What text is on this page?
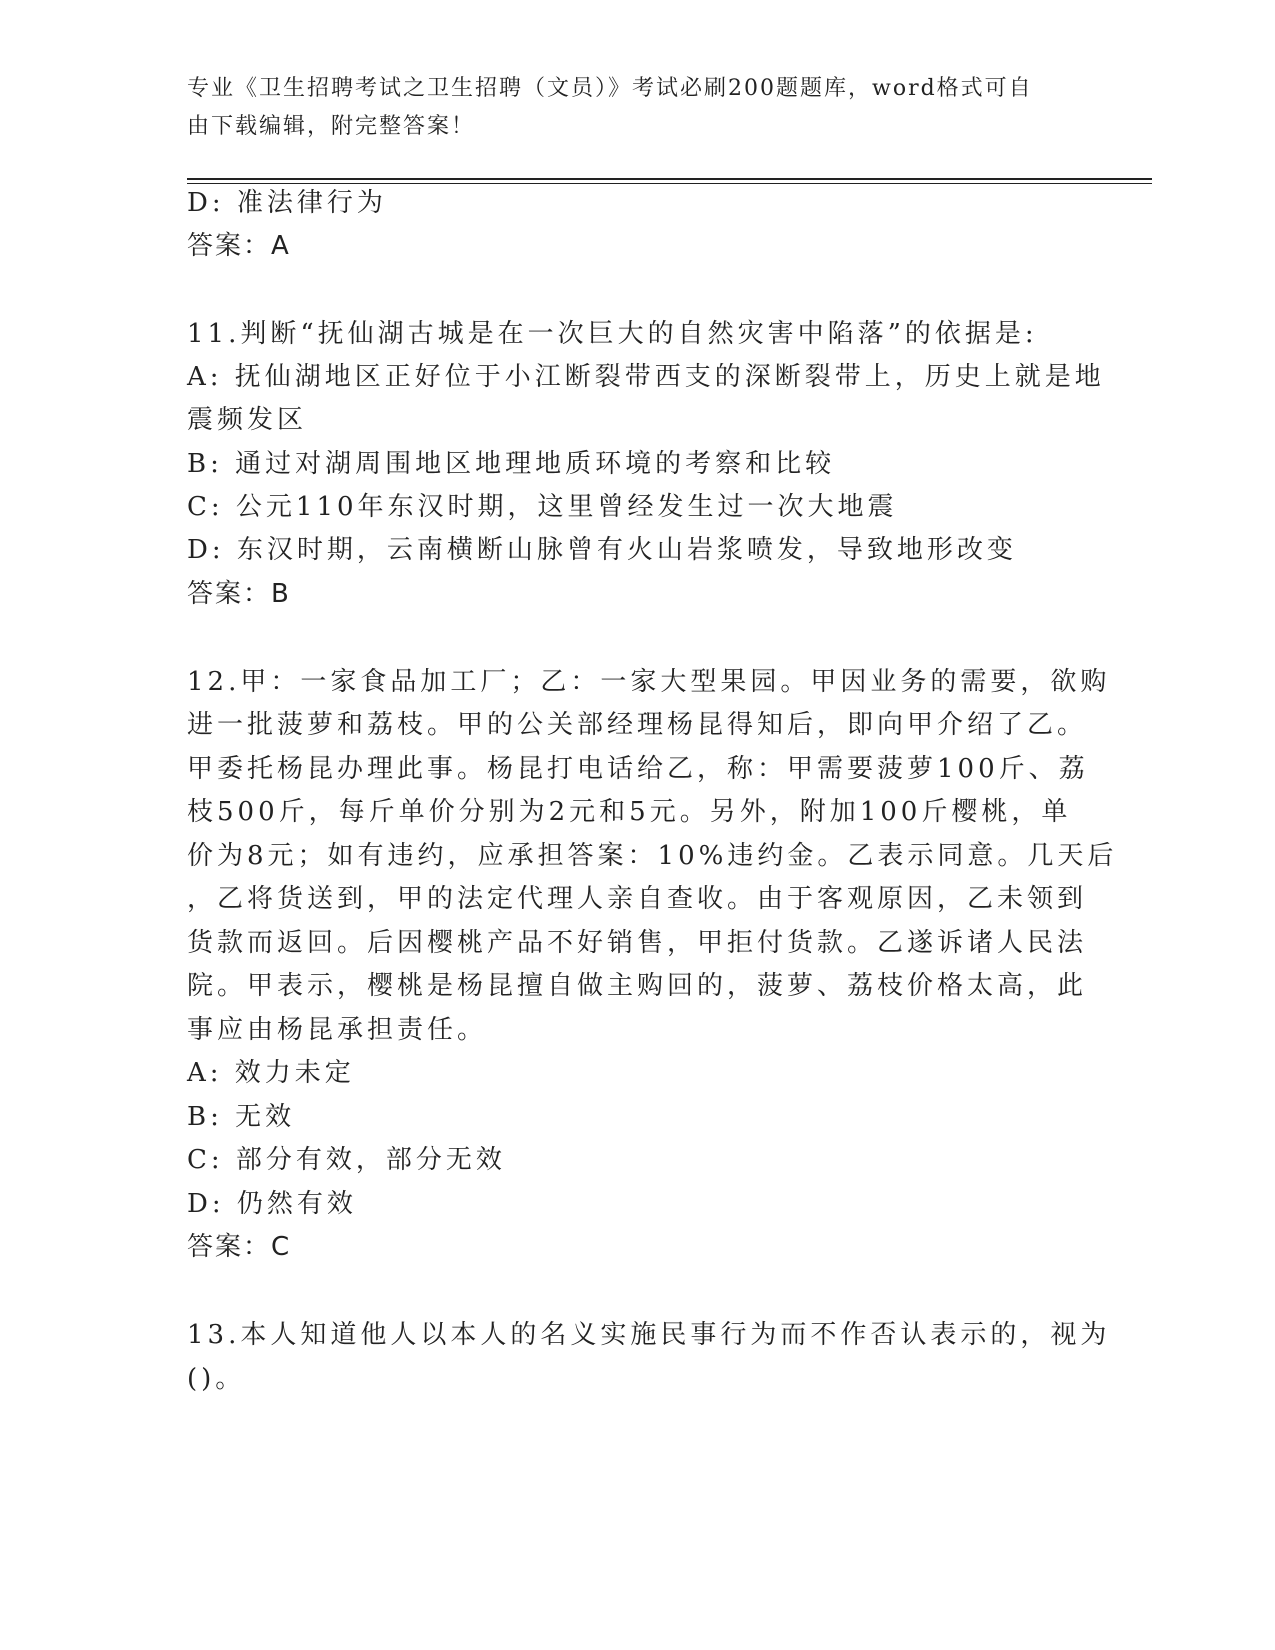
专业《卫生招聘考试之卫生招聘（文员）》考试必刷200题题库，word格式可自
由下载编辑，附完整答案！
D: 准法律行为
答案：A
11.判断“抚仙湖古城是在一次巨大的自然灾害中陷落”的依据是:
A: 抚仙湖地区正好位于小江断裂带西支的深断裂带上，历史上就是地
震频发区
B: 通过对湖周围地区地理地质环境的考察和比较
C: 公元110年东汉时期，这里曾经发生过一次大地震
D: 东汉时期，云南横断山脉曾有火山岩浆喷发，导致地形改变
答案：B
12.甲：一家食品加工厂；乙：一家大型果园。甲因业务的需要，欲购
进一批菠萝和荔枝。甲的公关部经理杨昆得知后，即向甲介绍了乙。
甲委托杨昆办理此事。杨昆打电话给乙，称：甲需要菠萝100斤、荔
枝500斤，每斤单价分别为2元和5元。另外，附加100斤樱桃，单
价为8元；如有违约，应承担答案：10%违约金。乙表示同意。几天后
，乙将货送到，甲的法定代理人亲自查收。由于客观原因，乙未领到
货款而返回。后因樱桃产品不好销售，甲拒付货款。乙遂诉诸人民法
院。甲表示，樱桃是杨昆擅自做主购回的，菠萝、荔枝价格太高，此
事应由杨昆承担责任。
A: 效力未定
B: 无效
C: 部分有效，部分无效
D: 仍然有效
答案：C
13.本人知道他人以本人的名义实施民事行为而不作否认表示的，视为
()。
